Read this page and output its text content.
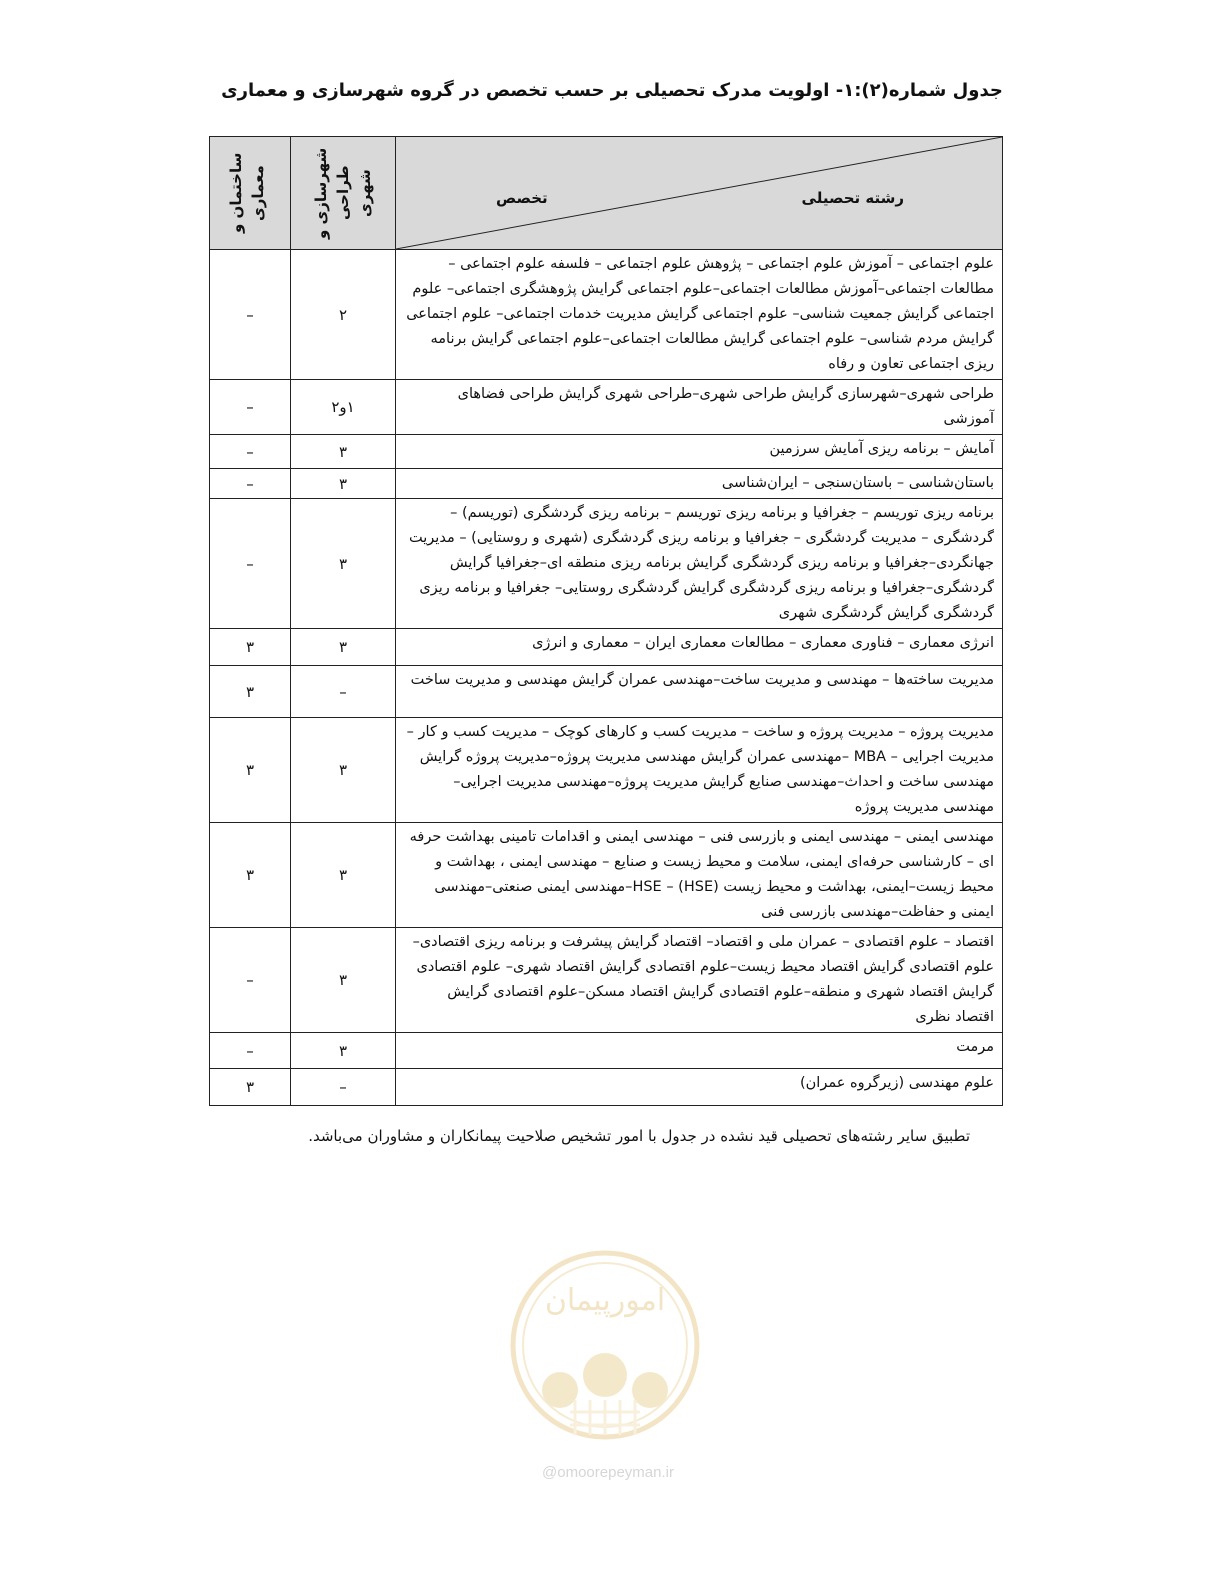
جدول شماره(۲):۱- اولویت مدرک تحصیلی بر حسب تخصص در گروه شهرسازی و معماری
رشته تحصیلی
تخصص	شهرسازی و طراحی شهری	ساختمان و معماری

علوم اجتماعی – آموزش علوم اجتماعی – پژوهش علوم اجتماعی – فلسفه علوم اجتماعی – مطالعات اجتماعی–آموزش مطالعات اجتماعی–علوم اجتماعی گرایش پژوهشگری اجتماعی– علوم اجتماعی گرایش جمعیت شناسی– علوم اجتماعی گرایش مدیریت خدمات اجتماعی– علوم اجتماعی گرایش مردم شناسی– علوم اجتماعی گرایش مطالعات اجتماعی–علوم اجتماعی گرایش برنامه ریزی اجتماعی تعاون و رفاه	۲	–
طراحی شهری–شهرسازی گرایش طراحی شهری–طراحی شهری گرایش طراحی فضاهای آموزشی	۱و۲	–
آمایش – برنامه ریزی آمایش سرزمین	۳	–
باستان‌شناسی – باستان‌سنجی – ایران‌شناسی	۳	–
برنامه ریزی توریسم – جغرافیا و برنامه ریزی توریسم – برنامه ریزی گردشگری (توریسم) – گردشگری – مدیریت گردشگری – جغرافیا و برنامه ریزی گردشگری (شهری و روستایی) – مدیریت جهانگردی–جغرافیا و برنامه ریزی گردشگری گرایش برنامه ریزی منطقه ای–جغرافیا گرایش گردشگری–جغرافیا و برنامه ریزی گردشگری گرایش گردشگری روستایی– جغرافیا و برنامه ریزی گردشگری گرایش گردشگری شهری	۳	–
انرژی معماری – فناوری معماری – مطالعات معماری ایران – معماری و انرژی	۳	۳
مدیریت ساخته‌ها – مهندسی و مدیریت ساخت–مهندسی عمران گرایش مهندسی و مدیریت ساخت	–	۳
مدیریت پروژه – مدیریت پروژه و ساخت – مدیریت کسب و کارهای کوچک – مدیریت کسب و کار – مدیریت اجرایی – MBA –مهندسی عمران گرایش مهندسی مدیریت پروژه–مدیریت پروژه گرایش مهندسی ساخت و احداث–مهندسی صنایع گرایش مدیریت پروژه–مهندسی مدیریت اجرایی–مهندسی مدیریت پروژه	۳	۳
مهندسی ایمنی – مهندسی ایمنی و بازرسی فنی – مهندسی ایمنی و اقدامات تامینی بهداشت حرفه ای – کارشناسی حرفه‌ای ایمنی، سلامت و محیط زیست و صنایع – مهندسی ایمنی ، بهداشت و محیط زیست–ایمنی، بهداشت و محیط زیست (HSE) – HSE–مهندسی ایمنی صنعتی–مهندسی ایمنی و حفاظت–مهندسی بازرسی فنی	۳	۳
اقتصاد – علوم اقتصادی – عمران ملی و اقتصاد– اقتصاد گرایش پیشرفت و برنامه ریزی اقتصادی–علوم اقتصادی گرایش اقتصاد محیط زیست–علوم اقتصادی گرایش اقتصاد شهری– علوم اقتصادی گرایش اقتصاد شهری و منطقه–علوم اقتصادی گرایش اقتصاد مسکن–علوم اقتصادی گرایش اقتصاد نظری	۳	–
مرمت	۳	–
علوم مهندسی (زیرگروه عمران)	–	۳
تطبیق سایر رشته‌های تحصیلی قید نشده در جدول با امور تشخیص صلاحیت پیمانکاران و مشاوران می‌باشد.
امورپیمان
@omoorepeyman.ir
